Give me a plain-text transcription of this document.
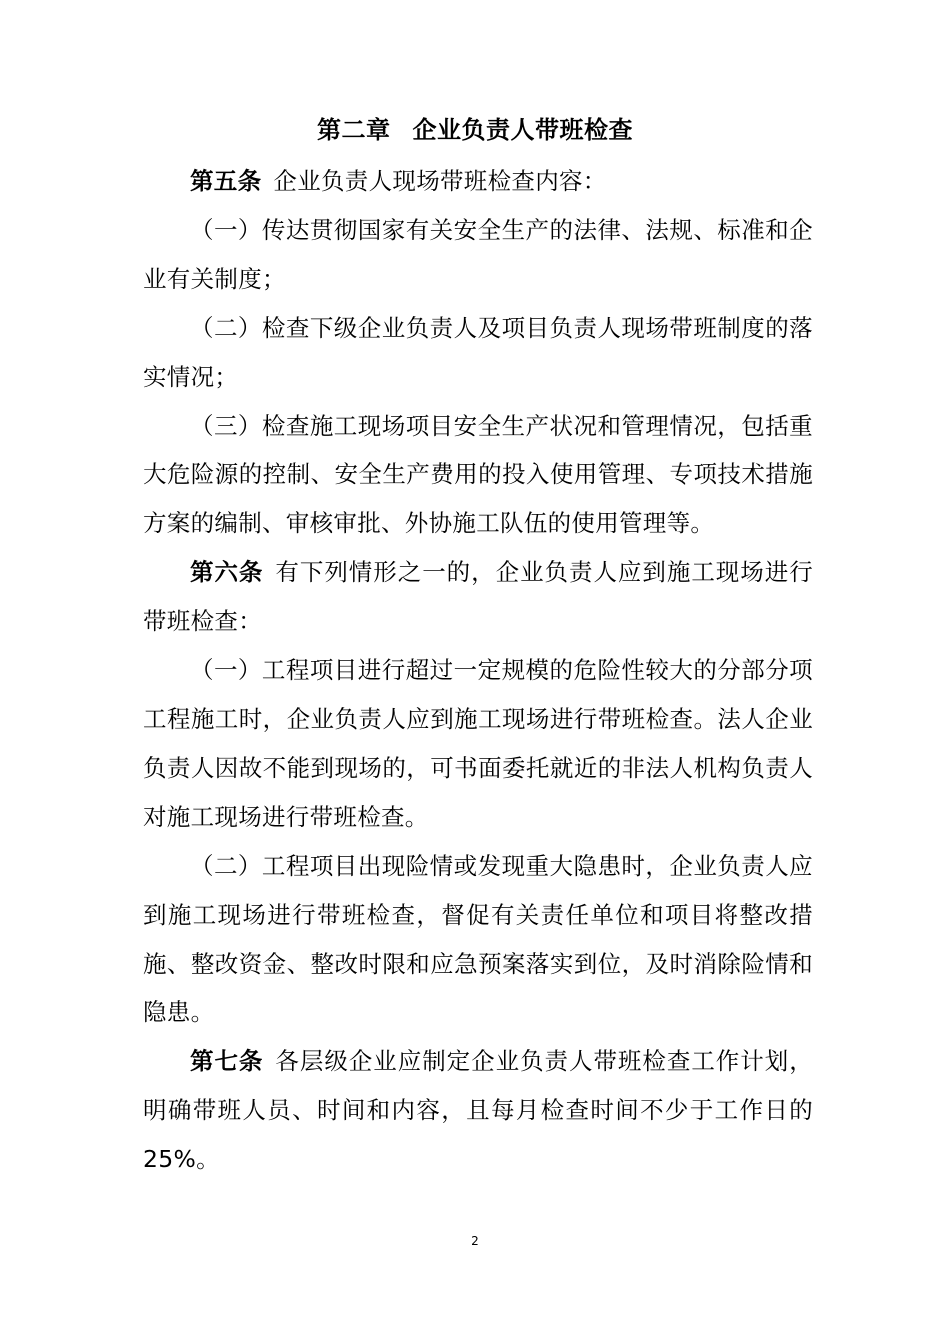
第二章 企业负责人带班检查

第五条 企业负责人现场带班检查内容：

（一）传达贯彻国家有关安全生产的法律、法规、标准和企业有关制度；

（二）检查下级企业负责人及项目负责人现场带班制度的落实情况；

（三）检查施工现场项目安全生产状况和管理情况，包括重大危险源的控制、安全生产费用的投入使用管理、专项技术措施方案的编制、审核审批、外协施工队伍的使用管理等。

第六条 有下列情形之一的，企业负责人应到施工现场进行带班检查：

（一）工程项目进行超过一定规模的危险性较大的分部分项工程施工时，企业负责人应到施工现场进行带班检查。法人企业负责人因故不能到现场的，可书面委托就近的非法人机构负责人对施工现场进行带班检查。

（二）工程项目出现险情或发现重大隐患时，企业负责人应到施工现场进行带班检查，督促有关责任单位和项目将整改措施、整改资金、整改时限和应急预案落实到位，及时消除险情和隐患。

第七条 各层级企业应制定企业负责人带班检查工作计划，明确带班人员、时间和内容，且每月检查时间不少于工作日的25%。

2
